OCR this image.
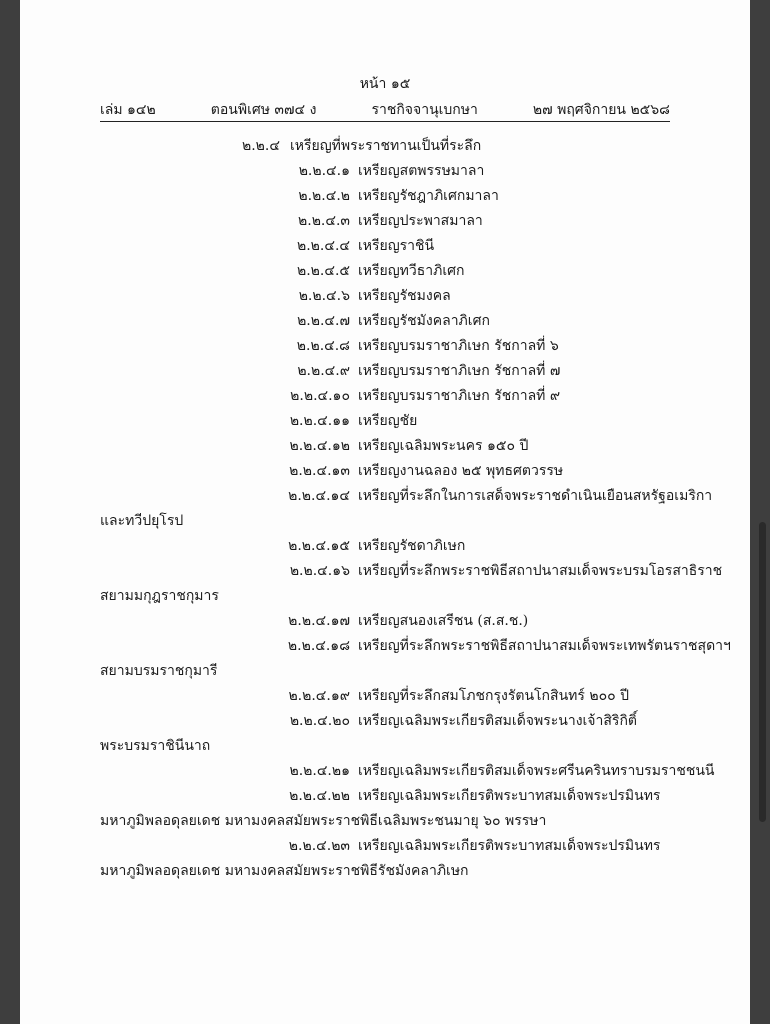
หน้า ๑๕
เล่ม ๑๔๒	ตอนพิเศษ ๓๗๔ ง	ราชกิจจานุเบกษา	๒๗ พฤศจิกายน ๒๕๖๘
๒.๒.๔ เหรียญที่พระราชทานเป็นที่ระลึก
๒.๒.๔.๑ เหรียญสตพรรษมาลา
๒.๒.๔.๒ เหรียญรัชฎาภิเศกมาลา
๒.๒.๔.๓ เหรียญประพาสมาลา
๒.๒.๔.๔ เหรียญราชินี
๒.๒.๔.๕ เหรียญทวีธาภิเศก
๒.๒.๔.๖ เหรียญรัชมงคล
๒.๒.๔.๗ เหรียญรัชมังคลาภิเศก
๒.๒.๔.๘ เหรียญบรมราชาภิเษก รัชกาลที่ ๖
๒.๒.๔.๙ เหรียญบรมราชาภิเษก รัชกาลที่ ๗
๒.๒.๔.๑๐ เหรียญบรมราชาภิเษก รัชกาลที่ ๙
๒.๒.๔.๑๑ เหรียญชัย
๒.๒.๔.๑๒ เหรียญเฉลิมพระนคร ๑๕๐ ปี
๒.๒.๔.๑๓ เหรียญงานฉลอง ๒๕ พุทธศตวรรษ
๒.๒.๔.๑๔ เหรียญที่ระลึกในการเสด็จพระราชดำเนินเยือนสหรัฐอเมริกา
และทวีปยุโรป
๒.๒.๔.๑๕ เหรียญรัชดาภิเษก
๒.๒.๔.๑๖ เหรียญที่ระลึกพระราชพิธีสถาปนาสมเด็จพระบรมโอรสาธิราช
สยามมกุฎราชกุมาร
๒.๒.๔.๑๗ เหรียญสนองเสรีชน (ส.ส.ช.)
๒.๒.๔.๑๘ เหรียญที่ระลึกพระราชพิธีสถาปนาสมเด็จพระเทพรัตนราชสุดาฯ
สยามบรมราชกุมารี
๒.๒.๔.๑๙ เหรียญที่ระลึกสมโภชกรุงรัตนโกสินทร์ ๒๐๐ ปี
๒.๒.๔.๒๐ เหรียญเฉลิมพระเกียรติสมเด็จพระนางเจ้าสิริกิติ์
พระบรมราชินีนาถ
๒.๒.๔.๒๑ เหรียญเฉลิมพระเกียรติสมเด็จพระศรีนครินทราบรมราชชนนี
๒.๒.๔.๒๒ เหรียญเฉลิมพระเกียรติพระบาทสมเด็จพระปรมินทร
มหาภูมิพลอดุลยเดช มหามงคลสมัยพระราชพิธีเฉลิมพระชนมายุ ๖๐ พรรษา
๒.๒.๔.๒๓ เหรียญเฉลิมพระเกียรติพระบาทสมเด็จพระปรมินทร
มหาภูมิพลอดุลยเดช มหามงคลสมัยพระราชพิธีรัชมังคลาภิเษก
